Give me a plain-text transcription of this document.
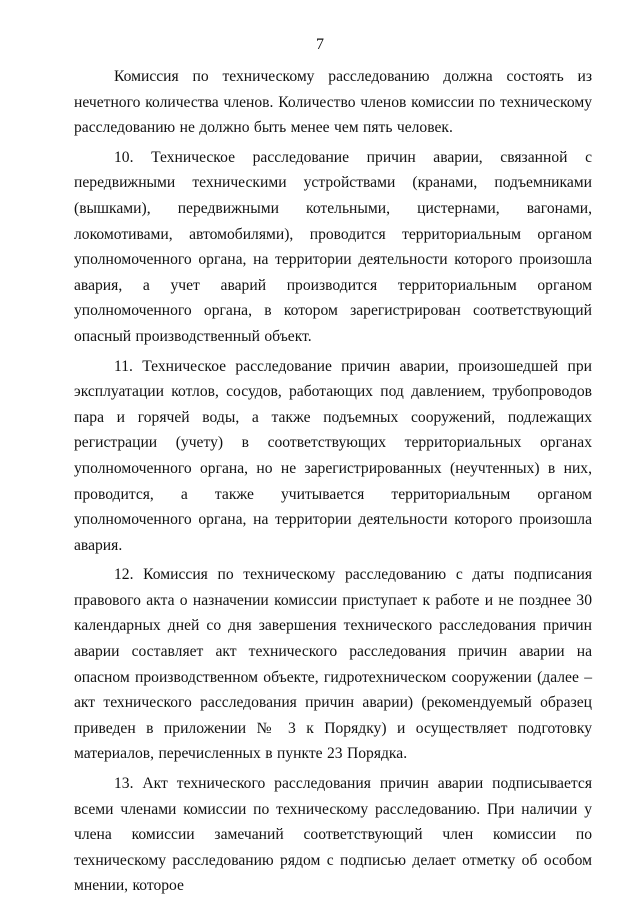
7

Комиссия по техническому расследованию должна состоять из нечетного количества членов. Количество членов комиссии по техническому расследованию не должно быть менее чем пять человек.

10. Техническое расследование причин аварии, связанной с передвижными техническими устройствами (кранами, подъемниками (вышками), передвижными котельными, цистернами, вагонами, локомотивами, автомобилями), проводится территориальным органом уполномоченного органа, на территории деятельности которого произошла авария, а учет аварий производится территориальным органом уполномоченного органа, в котором зарегистрирован соответствующий опасный производственный объект.

11. Техническое расследование причин аварии, произошедшей при эксплуатации котлов, сосудов, работающих под давлением, трубопроводов пара и горячей воды, а также подъемных сооружений, подлежащих регистрации (учету) в соответствующих территориальных органах уполномоченного органа, но не зарегистрированных (неучтенных) в них, проводится, а также учитывается территориальным органом уполномоченного органа, на территории деятельности которого произошла авария.

12. Комиссия по техническому расследованию с даты подписания правового акта о назначении комиссии приступает к работе и не позднее 30 календарных дней со дня завершения технического расследования причин аварии составляет акт технического расследования причин аварии на опасном производственном объекте, гидротехническом сооружении (далее – акт технического расследования причин аварии) (рекомендуемый образец приведен в приложении № 3 к Порядку) и осуществляет подготовку материалов, перечисленных в пункте 23 Порядка.

13. Акт технического расследования причин аварии подписывается всеми членами комиссии по техническому расследованию. При наличии у члена комиссии замечаний соответствующий член комиссии по техническому расследованию рядом с подписью делает отметку об особом мнении, которое
